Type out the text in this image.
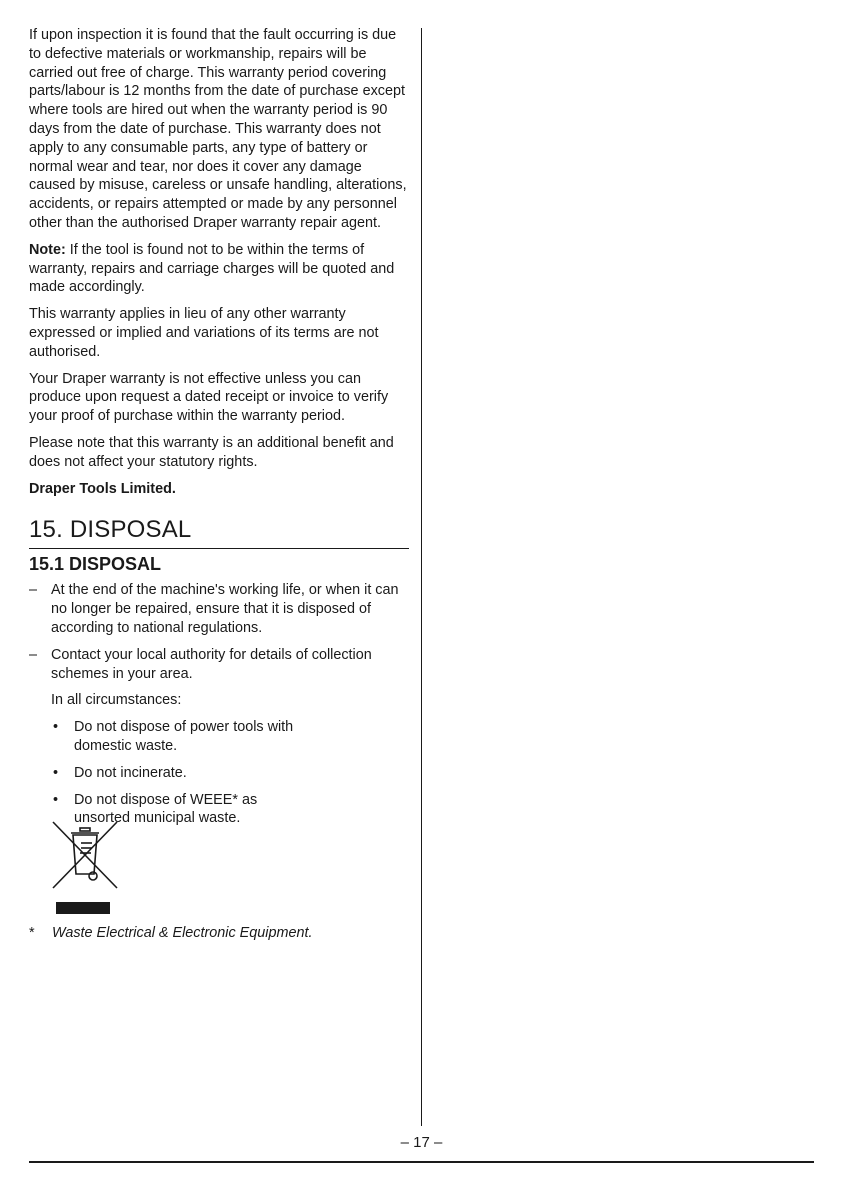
If upon inspection it is found that the fault occurring is due to defective materials or workmanship, repairs will be carried out free of charge. This warranty period covering parts/labour is 12 months from the date of purchase except where tools are hired out when the warranty period is 90 days from the date of purchase. This warranty does not apply to any consumable parts, any type of battery or normal wear and tear, nor does it cover any damage caused by misuse, careless or unsafe handling, alterations, accidents, or repairs attempted or made by any personnel other than the authorised Draper warranty repair agent.

Note: If the tool is found not to be within the terms of warranty, repairs and carriage charges will be quoted and made accordingly.

This warranty applies in lieu of any other warranty expressed or implied and variations of its terms are not authorised.

Your Draper warranty is not effective unless you can produce upon request a dated receipt or invoice to verify your proof of purchase within the warranty period.

Please note that this warranty is an additional benefit and does not affect your statutory rights.

Draper Tools Limited.

15. DISPOSAL
15.1 DISPOSAL
– At the end of the machine's working life, or when it can no longer be repaired, ensure that it is disposed of according to national regulations.
– Contact your local authority for details of collection schemes in your area.
In all circumstances:
• Do not dispose of power tools with domestic waste.
• Do not incinerate.
• Do not dispose of WEEE* as unsorted municipal waste.
* Waste Electrical & Electronic Equipment.
– 17 –
